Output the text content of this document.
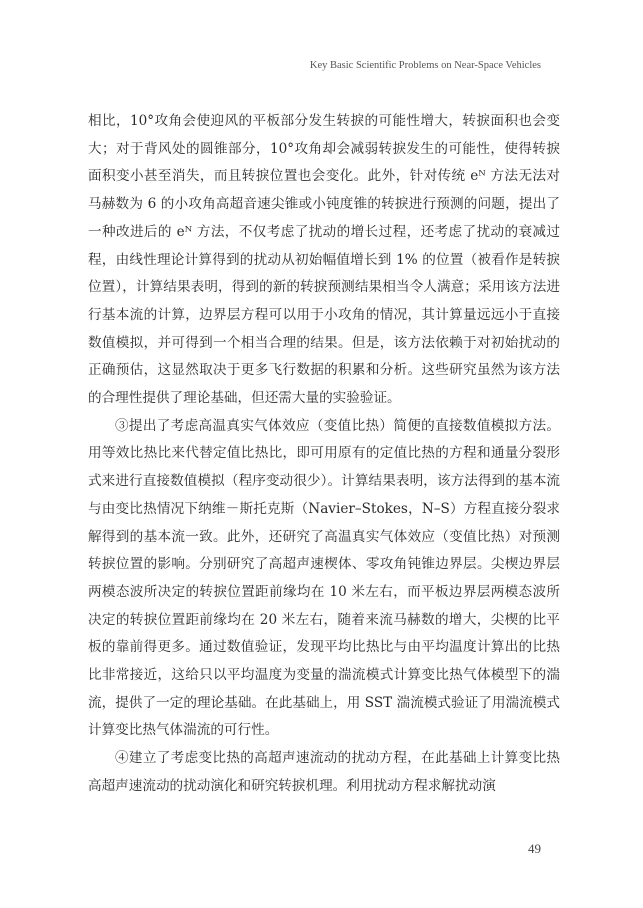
Key Basic Scientific Problems on Near-Space Vehicles

相比，10°攻角会使迎风的平板部分发生转捩的可能性增大，转捩面积也会变大；对于背风处的圆锥部分，10°攻角却会减弱转捩发生的可能性，使得转捩面积变小甚至消失，而且转捩位置也会变化。此外，针对传统 eᴺ 方法无法对马赫数为 6 的小攻角高超音速尖锥或小钝度锥的转捩进行预测的问题，提出了一种改进后的 eᴺ 方法，不仅考虑了扰动的增长过程，还考虑了扰动的衰减过程，由线性理论计算得到的扰动从初始幅值增长到 1% 的位置（被看作是转捩位置），计算结果表明，得到的新的转捩预测结果相当令人满意；采用该方法进行基本流的计算，边界层方程可以用于小攻角的情况，其计算量远远小于直接数值模拟，并可得到一个相当合理的结果。但是，该方法依赖于对初始扰动的正确预估，这显然取决于更多飞行数据的积累和分析。这些研究虽然为该方法的合理性提供了理论基础，但还需大量的实验验证。

③提出了考虑高温真实气体效应（变值比热）简便的直接数值模拟方法。用等效比热比来代替定值比热比，即可用原有的定值比热的方程和通量分裂形式来进行直接数值模拟（程序变动很少）。计算结果表明，该方法得到的基本流与由变比热情况下纳维－斯托克斯（Navier–Stokes，N–S）方程直接分裂求解得到的基本流一致。此外，还研究了高温真实气体效应（变值比热）对预测转捩位置的影响。分别研究了高超声速楔体、零攻角钝锥边界层。尖楔边界层两模态波所决定的转捩位置距前缘均在 10 米左右，而平板边界层两模态波所决定的转捩位置距前缘均在 20 米左右，随着来流马赫数的增大，尖楔的比平板的靠前得更多。通过数值验证，发现平均比热比与由平均温度计算出的比热比非常接近，这给只以平均温度为变量的湍流模式计算变比热气体模型下的湍流，提供了一定的理论基础。在此基础上，用 SST 湍流模式验证了用湍流模式计算变比热气体湍流的可行性。

④建立了考虑变比热的高超声速流动的扰动方程，在此基础上计算变比热高超声速流动的扰动演化和研究转捩机理。利用扰动方程求解扰动演

49
